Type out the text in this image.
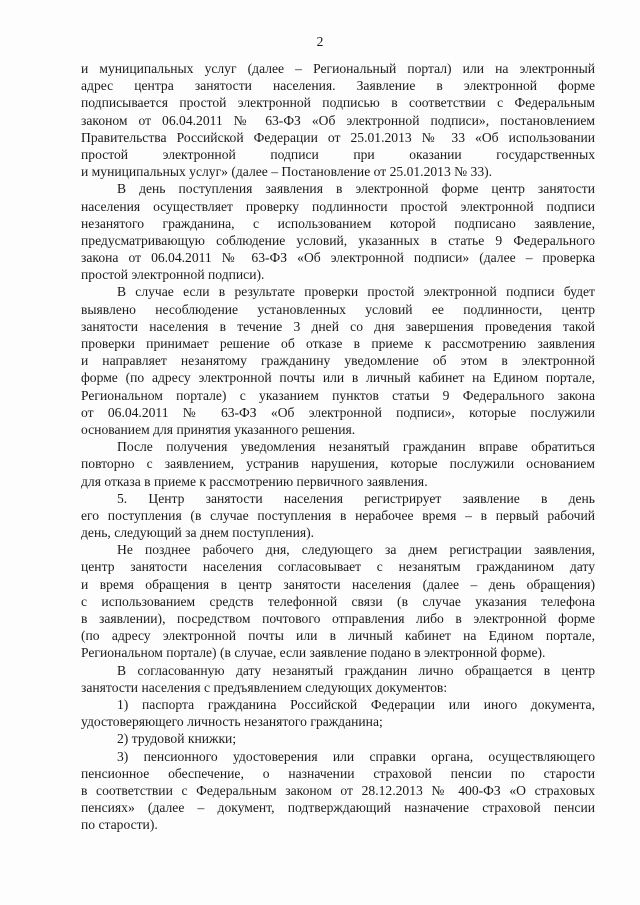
2
и муниципальных услуг (далее – Региональный портал) или на электронный
адрес центра занятости населения. Заявление в электронной форме
подписывается простой электронной подписью в соответствии с Федеральным
законом от 06.04.2011 № 63-ФЗ «Об электронной подписи», постановлением
Правительства Российской Федерации от 25.01.2013 № 33 «Об использовании
простой электронной подписи при оказании государственных
и муниципальных услуг» (далее – Постановление от 25.01.2013 № 33).
В день поступления заявления в электронной форме центр занятости
населения осуществляет проверку подлинности простой электронной подписи
незанятого гражданина, с использованием которой подписано заявление,
предусматривающую соблюдение условий, указанных в статье 9 Федерального
закона от 06.04.2011 № 63-ФЗ «Об электронной подписи» (далее – проверка
простой электронной подписи).
В случае если в результате проверки простой электронной подписи будет
выявлено несоблюдение установленных условий ее подлинности, центр
занятости населения в течение 3 дней со дня завершения проведения такой
проверки принимает решение об отказе в приеме к рассмотрению заявления
и направляет незанятому гражданину уведомление об этом в электронной
форме (по адресу электронной почты или в личный кабинет на Едином портале,
Региональном портале) с указанием пунктов статьи 9 Федерального закона
от 06.04.2011 № 63-ФЗ «Об электронной подписи», которые послужили
основанием для принятия указанного решения.
После получения уведомления незанятый гражданин вправе обратиться
повторно с заявлением, устранив нарушения, которые послужили основанием
для отказа в приеме к рассмотрению первичного заявления.
5. Центр занятости населения регистрирует заявление в день
его поступления (в случае поступления в нерабочее время – в первый рабочий
день, следующий за днем поступления).
Не позднее рабочего дня, следующего за днем регистрации заявления,
центр занятости населения согласовывает с незанятым гражданином дату
и время обращения в центр занятости населения (далее – день обращения)
с использованием средств телефонной связи (в случае указания телефона
в заявлении), посредством почтового отправления либо в электронной форме
(по адресу электронной почты или в личный кабинет на Едином портале,
Региональном портале) (в случае, если заявление подано в электронной форме).
В согласованную дату незанятый гражданин лично обращается в центр
занятости населения с предъявлением следующих документов:
1) паспорта гражданина Российской Федерации или иного документа,
удостоверяющего личность незанятого гражданина;
2) трудовой книжки;
3) пенсионного удостоверения или справки органа, осуществляющего
пенсионное обеспечение, о назначении страховой пенсии по старости
в соответствии с Федеральным законом от 28.12.2013 № 400-ФЗ «О страховых
пенсиях» (далее – документ, подтверждающий назначение страховой пенсии
по старости).
